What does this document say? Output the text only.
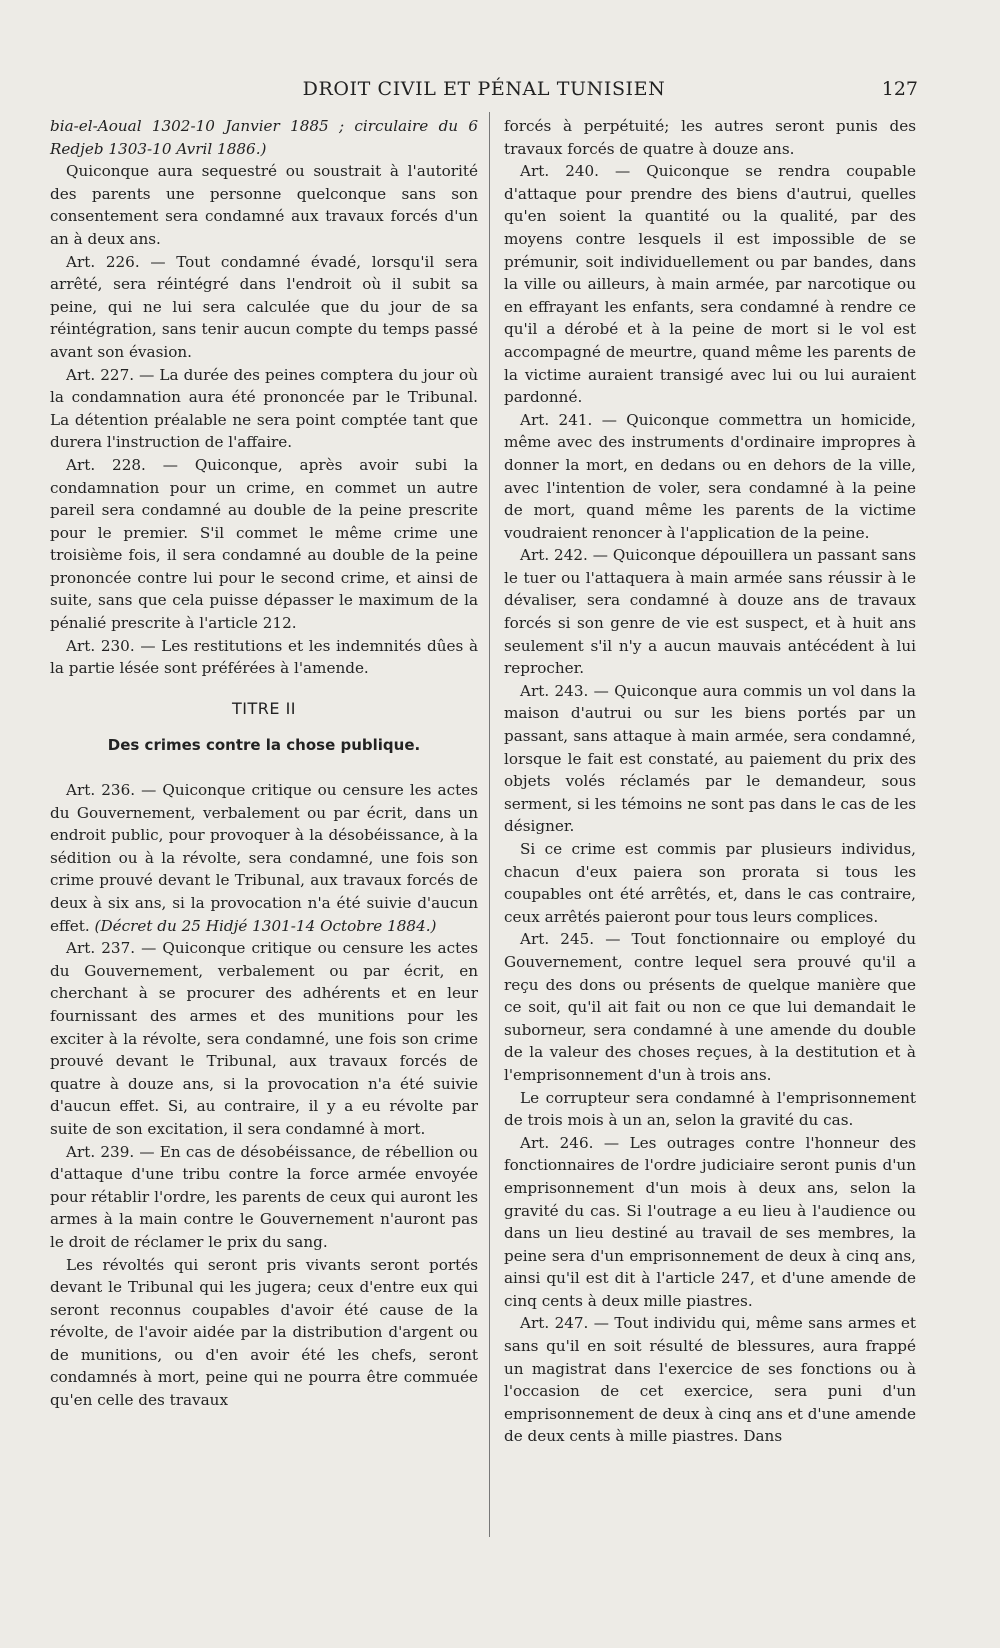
DROIT CIVIL ET PÉNAL TUNISIEN	127

bia-el-Aoual 1302-10 Janvier 1885 ; circulaire du 6 Redjeb 1303-10 Avril 1886.)

Quiconque aura sequestré ou soustrait à l'autorité des parents une personne quelconque sans son consentement sera condamné aux travaux forcés d'un an à deux ans.

Art. 226. — Tout condamné évadé, lorsqu'il sera arrêté, sera réintégré dans l'endroit où il subit sa peine, qui ne lui sera calculée que du jour de sa réintégration, sans tenir aucun compte du temps passé avant son évasion.

Art. 227. — La durée des peines comptera du jour où la condamnation aura été prononcée par le Tribunal. La détention préalable ne sera point comptée tant que durera l'instruction de l'affaire.

Art. 228. — Quiconque, après avoir subi la condamnation pour un crime, en commet un autre pareil sera condamné au double de la peine prescrite pour le premier. S'il commet le même crime une troisième fois, il sera condamné au double de la peine prononcée contre lui pour le second crime, et ainsi de suite, sans que cela puisse dépasser le maximum de la pénalié prescrite à l'article 212.

Art. 230. — Les restitutions et les indemnités dûes à la partie lésée sont préférées à l'amende.

TITRE II

Des crimes contre la chose publique.

Art. 236. — Quiconque critique ou censure les actes du Gouvernement, verbalement ou par écrit, dans un endroit public, pour provoquer à la désobéissance, à la sédition ou à la révolte, sera condamné, une fois son crime prouvé devant le Tribunal, aux travaux forcés de deux à six ans, si la provocation n'a été suivie d'aucun effet. (Décret du 25 Hidjé 1301-14 Octobre 1884.)

Art. 237. — Quiconque critique ou censure les actes du Gouvernement, verbalement ou par écrit, en cherchant à se procurer des adhérents et en leur fournissant des armes et des munitions pour les exciter à la révolte, sera condamné, une fois son crime prouvé devant le Tribunal, aux travaux forcés de quatre à douze ans, si la provocation n'a été suivie d'aucun effet. Si, au contraire, il y a eu révolte par suite de son excitation, il sera condamné à mort.

Art. 239. — En cas de désobéissance, de rébellion ou d'attaque d'une tribu contre la force armée envoyée pour rétablir l'ordre, les parents de ceux qui auront les armes à la main contre le Gouvernement n'auront pas le droit de réclamer le prix du sang.

Les révoltés qui seront pris vivants seront portés devant le Tribunal qui les jugera; ceux d'entre eux qui seront reconnus coupables d'avoir été cause de la révolte, de l'avoir aidée par la distribution d'argent ou de munitions, ou d'en avoir été les chefs, seront condamnés à mort, peine qui ne pourra être commuée qu'en celle des travaux

forcés à perpétuité; les autres seront punis des travaux forcés de quatre à douze ans.

Art. 240. — Quiconque se rendra coupable d'attaque pour prendre des biens d'autrui, quelles qu'en soient la quantité ou la qualité, par des moyens contre lesquels il est impossible de se prémunir, soit individuellement ou par bandes, dans la ville ou ailleurs, à main armée, par narcotique ou en effrayant les enfants, sera condamné à rendre ce qu'il a dérobé et à la peine de mort si le vol est accompagné de meurtre, quand même les parents de la victime auraient transigé avec lui ou lui auraient pardonné.

Art. 241. — Quiconque commettra un homicide, même avec des instruments d'ordinaire impropres à donner la mort, en dedans ou en dehors de la ville, avec l'intention de voler, sera condamné à la peine de mort, quand même les parents de la victime voudraient renoncer à l'application de la peine.

Art. 242. — Quiconque dépouillera un passant sans le tuer ou l'attaquera à main armée sans réussir à le dévaliser, sera condamné à douze ans de travaux forcés si son genre de vie est suspect, et à huit ans seulement s'il n'y a aucun mauvais antécédent à lui reprocher.

Art. 243. — Quiconque aura commis un vol dans la maison d'autrui ou sur les biens portés par un passant, sans attaque à main armée, sera condamné, lorsque le fait est constaté, au paiement du prix des objets volés réclamés par le demandeur, sous serment, si les témoins ne sont pas dans le cas de les désigner.

Si ce crime est commis par plusieurs individus, chacun d'eux paiera son prorata si tous les coupables ont été arrêtés, et, dans le cas contraire, ceux arrêtés paieront pour tous leurs complices.

Art. 245. — Tout fonctionnaire ou employé du Gouvernement, contre lequel sera prouvé qu'il a reçu des dons ou présents de quelque manière que ce soit, qu'il ait fait ou non ce que lui demandait le suborneur, sera condamné à une amende du double de la valeur des choses reçues, à la destitution et à l'emprisonnement d'un à trois ans.

Le corrupteur sera condamné à l'emprisonnement de trois mois à un an, selon la gravité du cas.

Art. 246. — Les outrages contre l'honneur des fonctionnaires de l'ordre judiciaire seront punis d'un emprisonnement d'un mois à deux ans, selon la gravité du cas. Si l'outrage a eu lieu à l'audience ou dans un lieu destiné au travail de ses membres, la peine sera d'un emprisonnement de deux à cinq ans, ainsi qu'il est dit à l'article 247, et d'une amende de cinq cents à deux mille piastres.

Art. 247. — Tout individu qui, même sans armes et sans qu'il en soit résulté de blessures, aura frappé un magistrat dans l'exercice de ses fonctions ou à l'occasion de cet exercice, sera puni d'un emprisonnement de deux à cinq ans et d'une amende de deux cents à mille piastres. Dans
